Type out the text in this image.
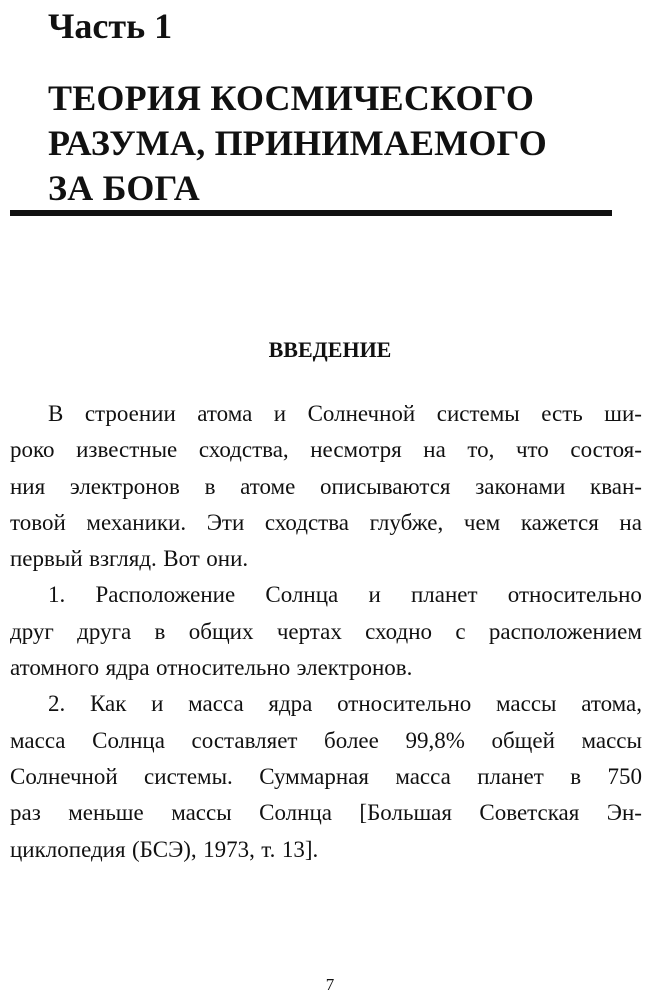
Часть 1
ТЕОРИЯ КОСМИЧЕСКОГО
РАЗУМА, ПРИНИМАЕМОГО
ЗА БОГА
ВВЕДЕНИЕ
В строении атома и Солнечной системы есть ши-
роко известные сходства, несмотря на то, что состоя-
ния электронов в атоме описываются законами кван-
товой механики. Эти сходства глубже, чем кажется на
первый взгляд. Вот они.
1. Расположение Солнца и планет относительно
друг друга в общих чертах сходно с расположением
атомного ядра относительно электронов.
2. Как и масса ядра относительно массы атома,
масса Солнца составляет более 99,8% общей массы
Солнечной системы. Суммарная масса планет в 750
раз меньше массы Солнца [Большая Советская Эн-
циклопедия (БСЭ), 1973, т. 13].
7
